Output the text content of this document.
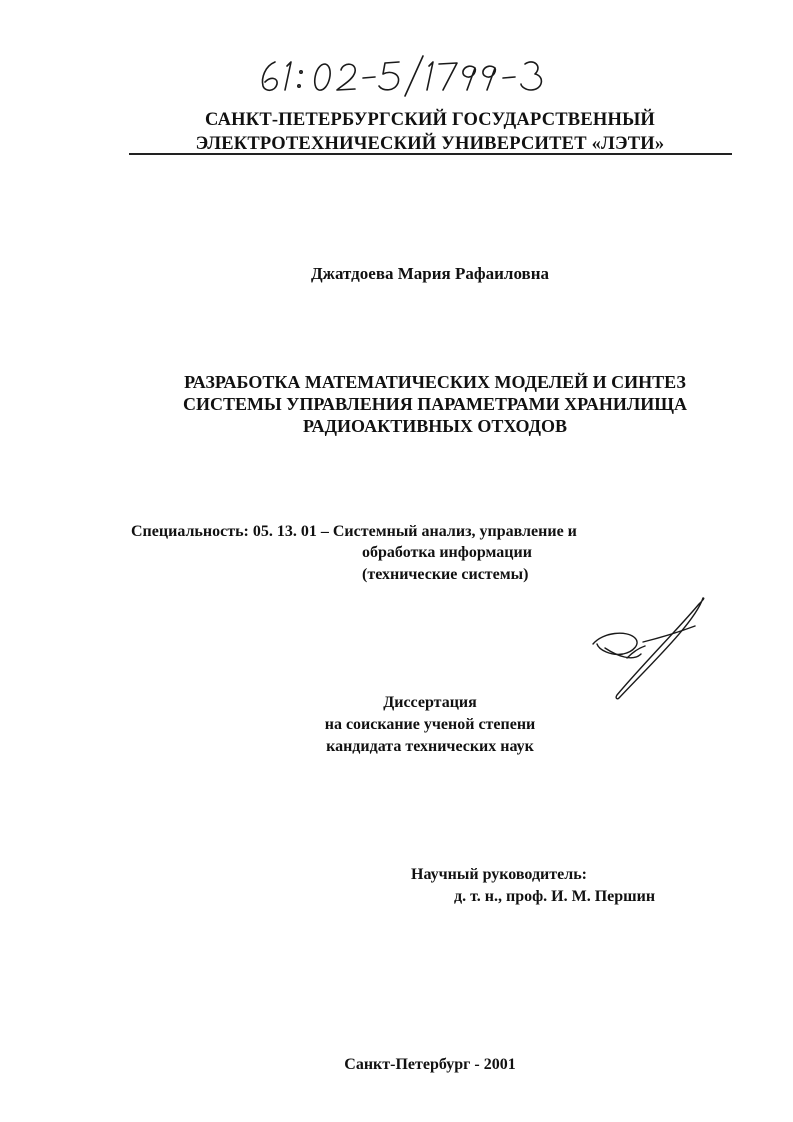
САНКТ-ПЕТЕРБУРГСКИЙ ГОСУДАРСТВЕННЫЙ
ЭЛЕКТРОТЕХНИЧЕСКИЙ УНИВЕРСИТЕТ «ЛЭТИ»
Джатдоева Мария Рафаиловна
РАЗРАБОТКА МАТЕМАТИЧЕСКИХ МОДЕЛЕЙ И СИНТЕЗ
СИСТЕМЫ УПРАВЛЕНИЯ ПАРАМЕТРАМИ ХРАНИЛИЩА
РАДИОАКТИВНЫХ ОТХОДОВ
Специальность: 05. 13. 01 – Системный анализ, управление и
обработка информации
(технические системы)
Диссертация
на соискание ученой степени
кандидата технических наук
Научный руководитель:
д. т. н., проф. И. М. Першин
Санкт-Петербург - 2001
